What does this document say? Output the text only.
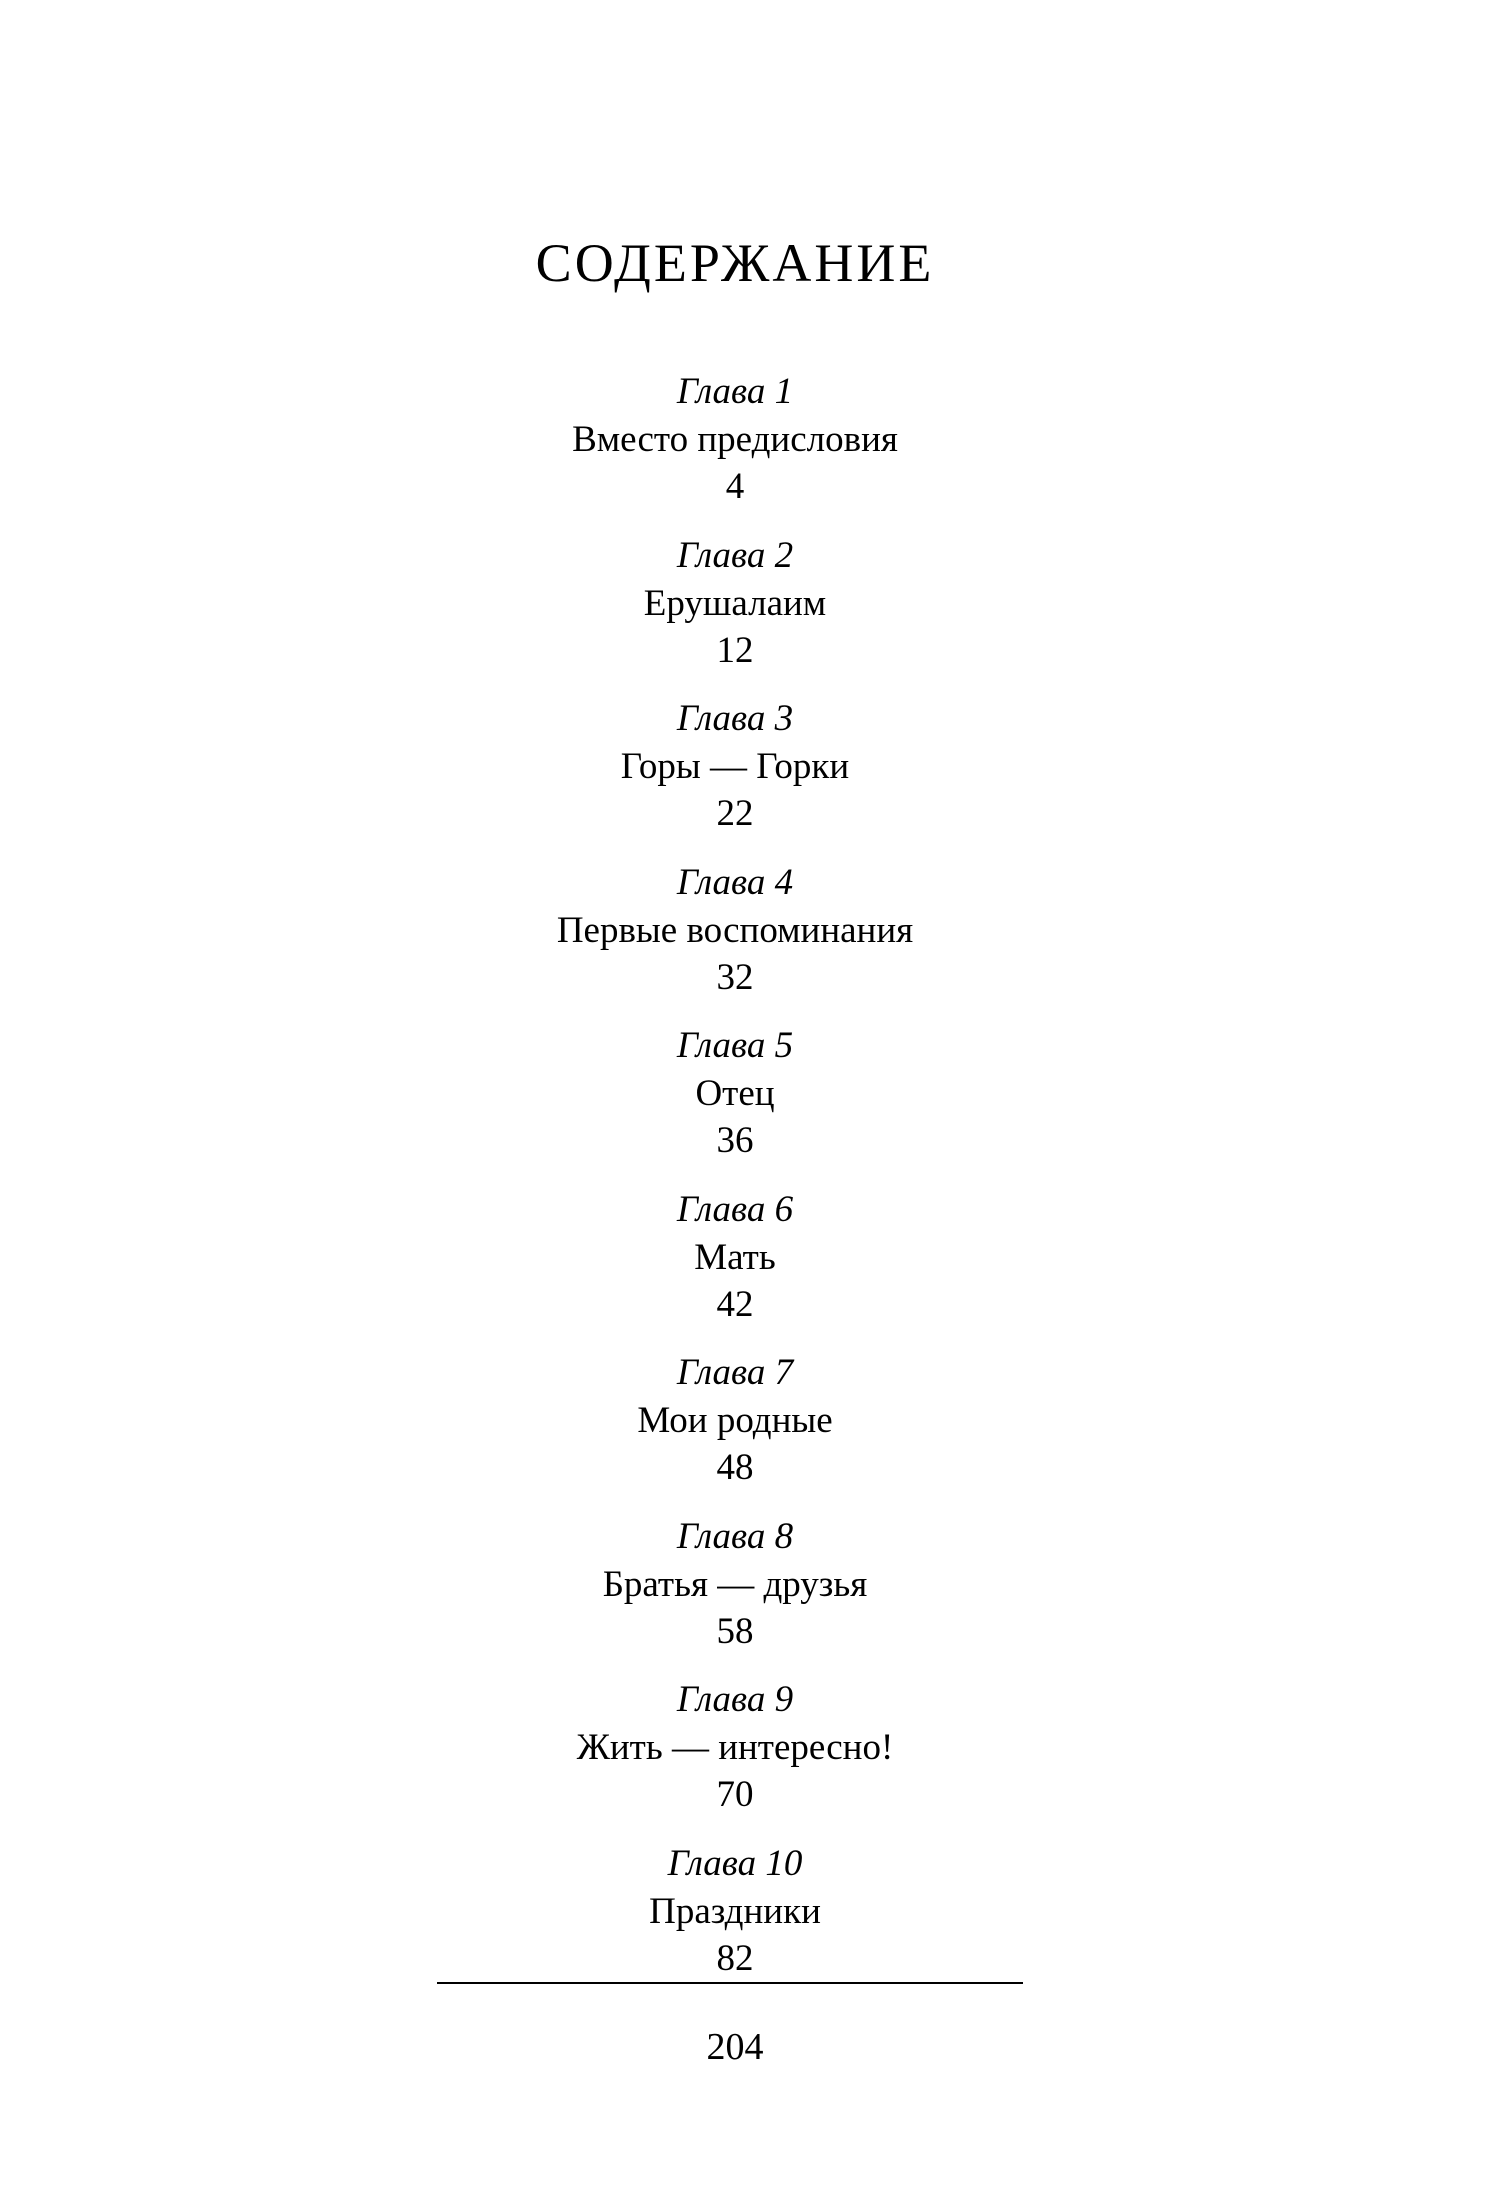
СОДЕРЖАНИЕ
Глава 1
Вместо предисловия
4
Глава 2
Ерушалаим
12
Глава 3
Горы — Горки
22
Глава 4
Первые воспоминания
32
Глава 5
Отец
36
Глава 6
Мать
42
Глава 7
Мои родные
48
Глава 8
Братья — друзья
58
Глава 9
Жить — интересно!
70
Глава 10
Праздники
82
204
